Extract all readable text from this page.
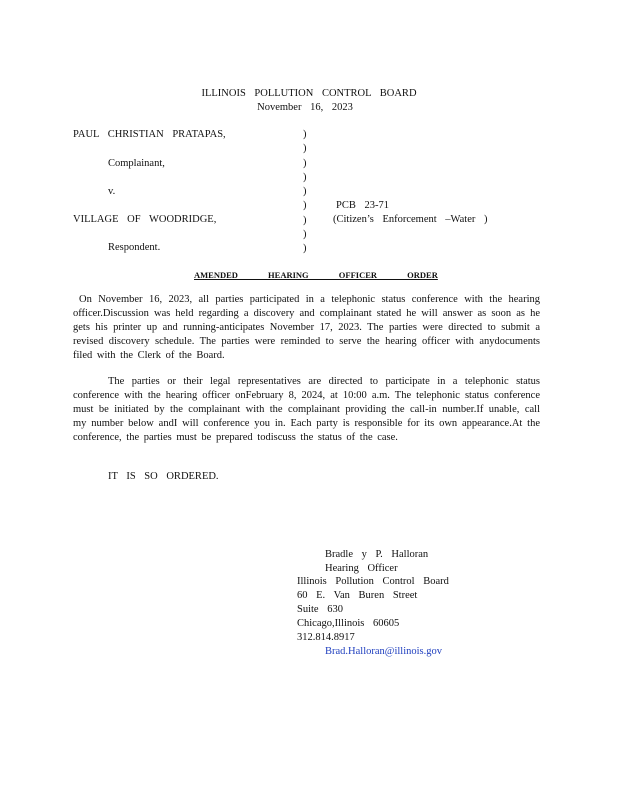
ILLINOIS POLLUTION CONTROL BOARD
November 16, 2023
PAUL CHRISTIAN PRATAPAS,
Complainant,
v.
VILLAGE OF WOODRIDGE,
Respondent.
)
)
)
)
)
)
)
)
)
PCB 23-71
(Citizen’s Enforcement –Water )
AMENDED HEARING OFFICER ORDER
On November 16, 2023, all parties participated in a telephonic status conference with the hearing officer.Discussion was held regarding a discovery and complainant stated he will answer as soon as he gets his printer up and running-anticipates November 17, 2023. The parties were directed to submit a revised discovery schedule. The parties were reminded to serve the hearing officer with anydocuments filed with the Clerk of the Board.
The parties or their legal representatives are directed to participate in a telephonic status conference with the hearing officer onFebruary 8, 2024, at 10:00 a.m. The telephonic status conference must be initiated by the complainant with the complainant providing the call-in number.If unable, call my number below andI will conference you in. Each party is responsible for its own appearance.At the conference, the parties must be prepared todiscuss the status of the case.
IT IS SO ORDERED.
Bradle y P. Halloran
Hearing Officer
Illinois Pollution Control Board
60 E. Van Buren Street
Suite 630
Chicago,Illinois 60605
312.814.8917
Brad.Halloran@illinois.gov
